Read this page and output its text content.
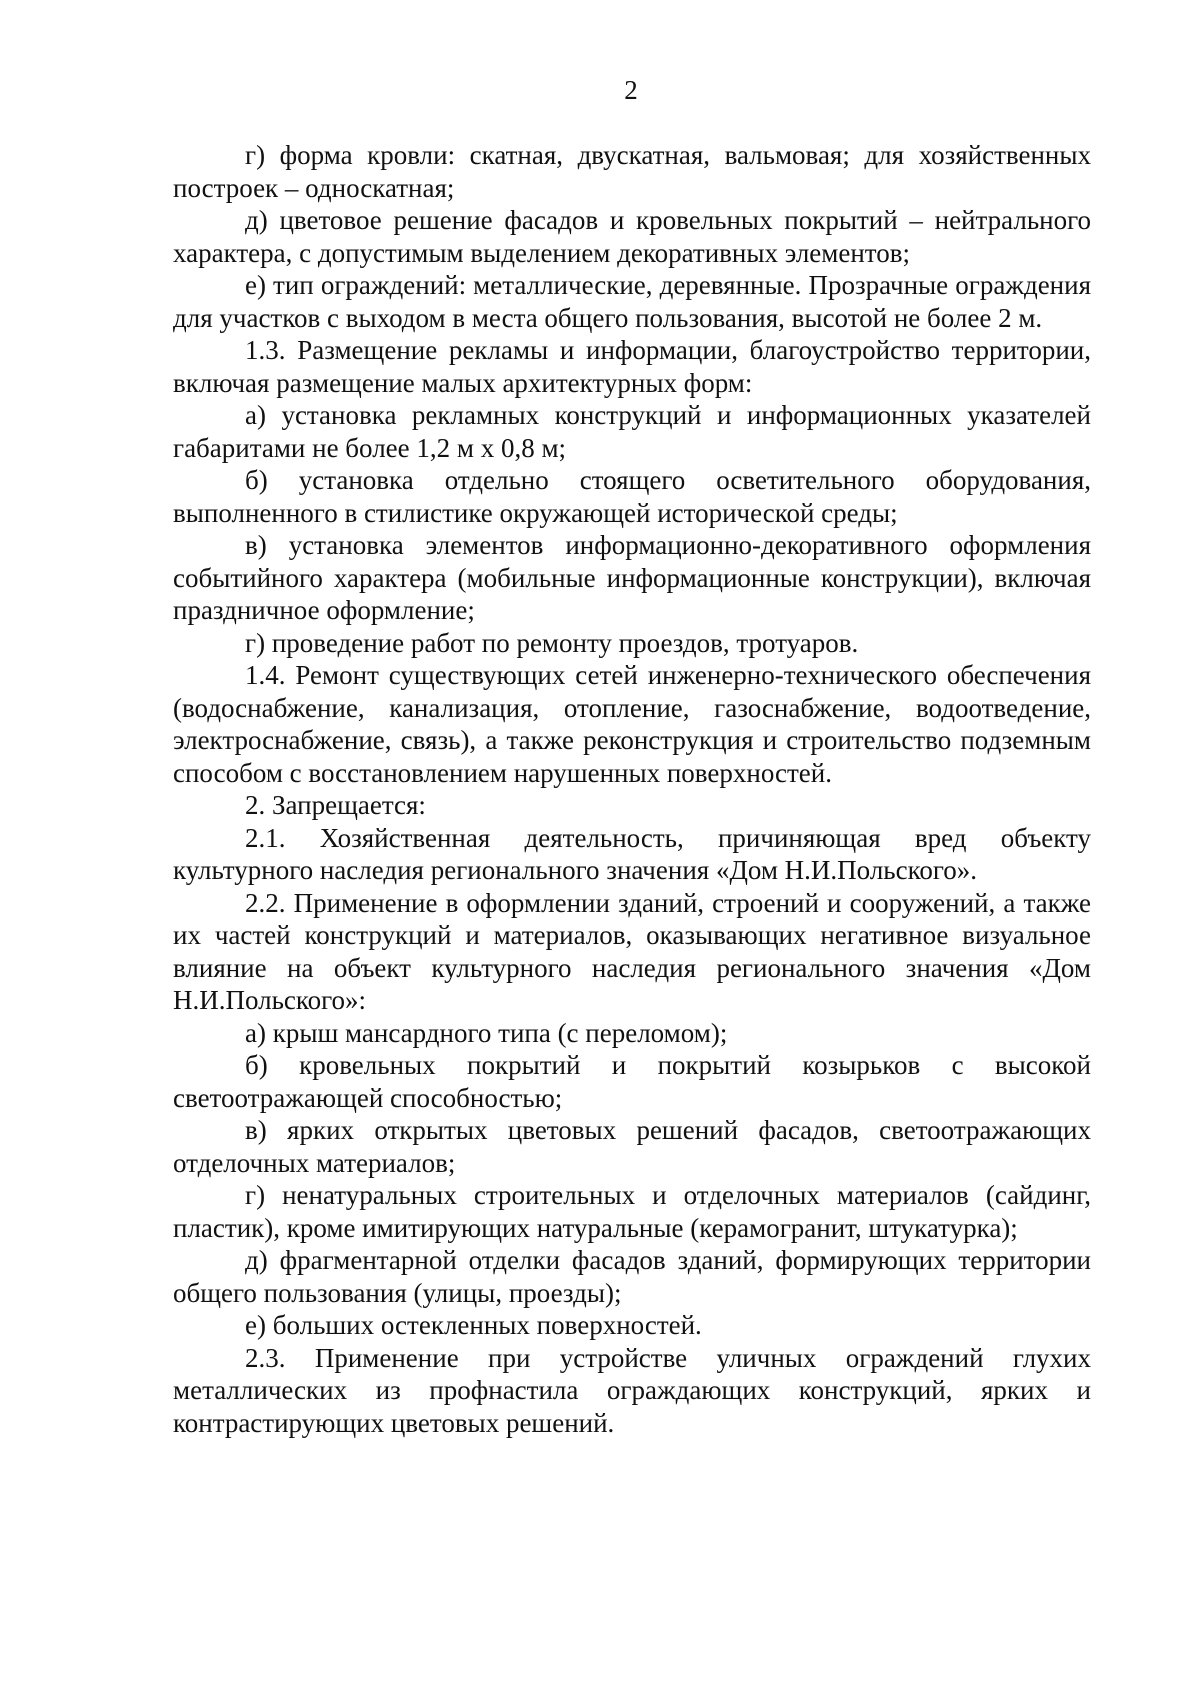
2

г) форма кровли: скатная, двускатная, вальмовая; для хозяйственных построек – односкатная;

д) цветовое решение фасадов и кровельных покрытий – нейтрального характера, с допустимым выделением декоративных элементов;

е) тип ограждений: металлические, деревянные. Прозрачные ограждения для участков с выходом в места общего пользования, высотой не более 2 м.

1.3. Размещение рекламы и информации, благоустройство территории, включая размещение малых архитектурных форм:

а) установка рекламных конструкций и информационных указателей габаритами не более 1,2 м х 0,8 м;

б) установка отдельно стоящего осветительного оборудования, выполненного в стилистике окружающей исторической среды;

в) установка элементов информационно-декоративного оформления событийного характера (мобильные информационные конструкции), включая праздничное оформление;

г) проведение работ по ремонту проездов, тротуаров.

1.4. Ремонт существующих сетей инженерно-технического обеспечения (водоснабжение, канализация, отопление, газоснабжение, водоотведение, электроснабжение, связь), а также реконструкция и строительство подземным способом с восстановлением нарушенных поверхностей.

2. Запрещается:

2.1. Хозяйственная деятельность, причиняющая вред объекту культурного наследия регионального значения «Дом Н.И.Польского».

2.2. Применение в оформлении зданий, строений и сооружений, а также их частей конструкций и материалов, оказывающих негативное визуальное влияние на объект культурного наследия регионального значения «Дом Н.И.Польского»:

а) крыш мансардного типа (с переломом);

б) кровельных покрытий и покрытий козырьков с высокой светоотражающей способностью;

в) ярких открытых цветовых решений фасадов, светоотражающих отделочных материалов;

г) ненатуральных строительных и отделочных материалов (сайдинг, пластик), кроме имитирующих натуральные (керамогранит, штукатурка);

д) фрагментарной отделки фасадов зданий, формирующих территории общего пользования (улицы, проезды);

е) больших остекленных поверхностей.

2.3. Применение при устройстве уличных ограждений глухих металлических из профнастила ограждающих конструкций, ярких и контрастирующих цветовых решений.
